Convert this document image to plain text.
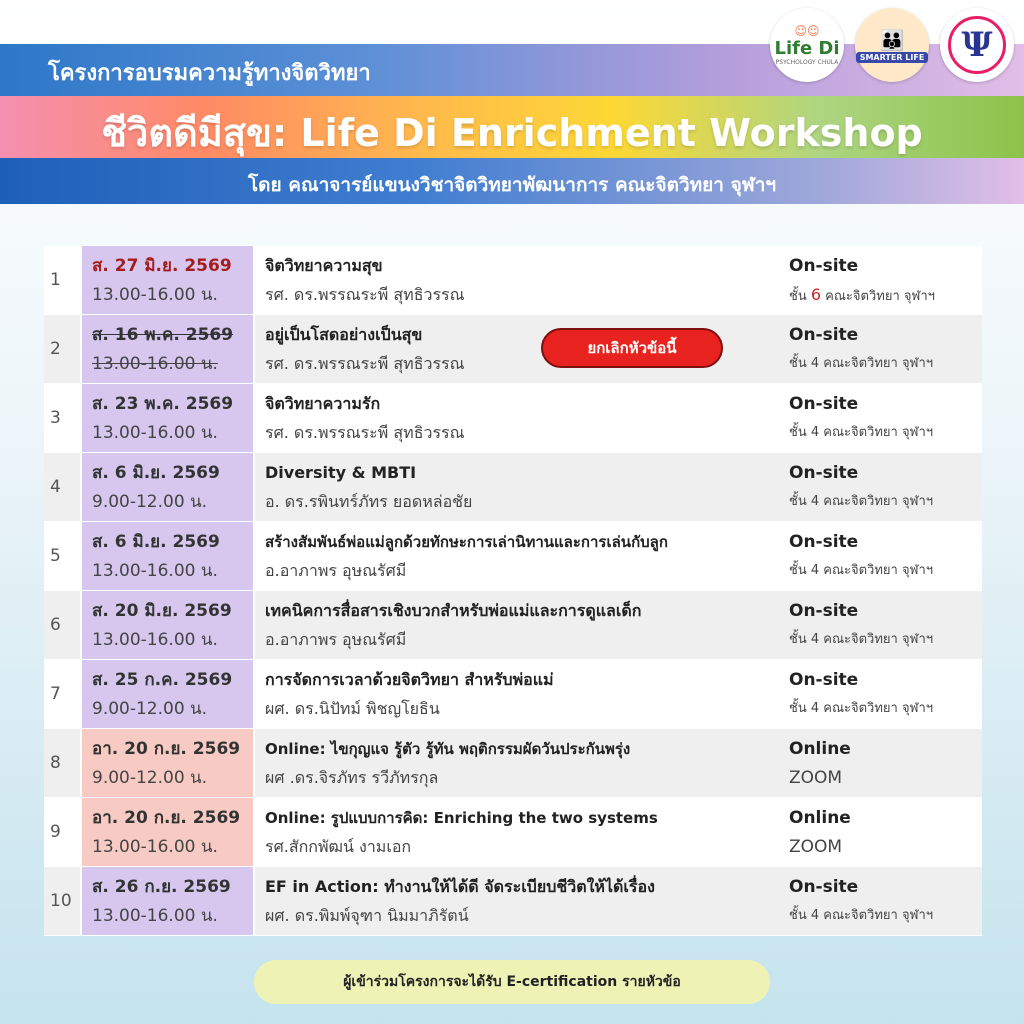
โครงการอบรมความรู้ทางจิตวิทยา
ชีวิตดีมีสุข: Life Di Enrichment Workshop
โดย คณาจารย์แขนงวิชาจิตวิทยาพัฒนาการ คณะจิตวิทยา จุฬาฯ
☺☺
Life Di
PSYCHOLOGY CHULA
👪
SMARTER LIFE	Ψ
1
ส. 27 มิ.ย. 2569
13.00-16.00 น.
จิตวิทยาความสุข
รศ. ดร.พรรณระพี สุทธิวรรณ
On-site
ชั้น 6 คณะจิตวิทยา จุฬาฯ
2
ส. 16 พ.ค. 2569
13.00-16.00 น.
อยู่เป็นโสดอย่างเป็นสุข
รศ. ดร.พรรณระพี สุทธิวรรณ
ยกเลิกหัวข้อนี้
On-site
ชั้น 4 คณะจิตวิทยา จุฬาฯ
3
ส. 23 พ.ค. 2569
13.00-16.00 น.
จิตวิทยาความรัก
รศ. ดร.พรรณระพี สุทธิวรรณ
On-site
ชั้น 4 คณะจิตวิทยา จุฬาฯ
4
ส. 6 มิ.ย. 2569
9.00-12.00 น.
Diversity & MBTI
อ. ดร.รพินทร์ภัทร ยอดหล่อชัย
On-site
ชั้น 4 คณะจิตวิทยา จุฬาฯ
5
ส. 6 มิ.ย. 2569
13.00-16.00 น.
สร้างสัมพันธ์พ่อแม่ลูกด้วยทักษะการเล่านิทานและการเล่นกับลูก
อ.อาภาพร อุษณรัศมี
On-site
ชั้น 4 คณะจิตวิทยา จุฬาฯ
6
ส. 20 มิ.ย. 2569
13.00-16.00 น.
เทคนิคการสื่อสารเชิงบวกสำหรับพ่อแม่และการดูแลเด็ก
อ.อาภาพร อุษณรัศมี
On-site
ชั้น 4 คณะจิตวิทยา จุฬาฯ
7
ส. 25 ก.ค. 2569
9.00-12.00 น.
การจัดการเวลาด้วยจิตวิทยา สำหรับพ่อแม่
ผศ. ดร.นิปัทม์ พิชญโยธิน
On-site
ชั้น 4 คณะจิตวิทยา จุฬาฯ
8
อา. 20 ก.ย. 2569
9.00-12.00 น.
Online: ไขกุญแจ รู้ตัว รู้ทัน พฤติกรรมผัดวันประกันพรุ่ง
ผศ .ดร.จิรภัทร รวีภัทรกุล
Online
ZOOM
9
อา. 20 ก.ย. 2569
13.00-16.00 น.
Online: รูปแบบการคิด: Enriching the two systems
รศ.สักกพัฒน์ งามเอก
Online
ZOOM
10
ส. 26 ก.ย. 2569
13.00-16.00 น.
EF in Action: ทำงานให้ได้ดี จัดระเบียบชีวิตให้ได้เรื่อง
ผศ. ดร.พิมพ์จุฑา นิมมาภิรัตน์
On-site
ชั้น 4 คณะจิตวิทยา จุฬาฯ
ผู้เข้าร่วมโครงการจะได้รับ E-certification รายหัวข้อ
